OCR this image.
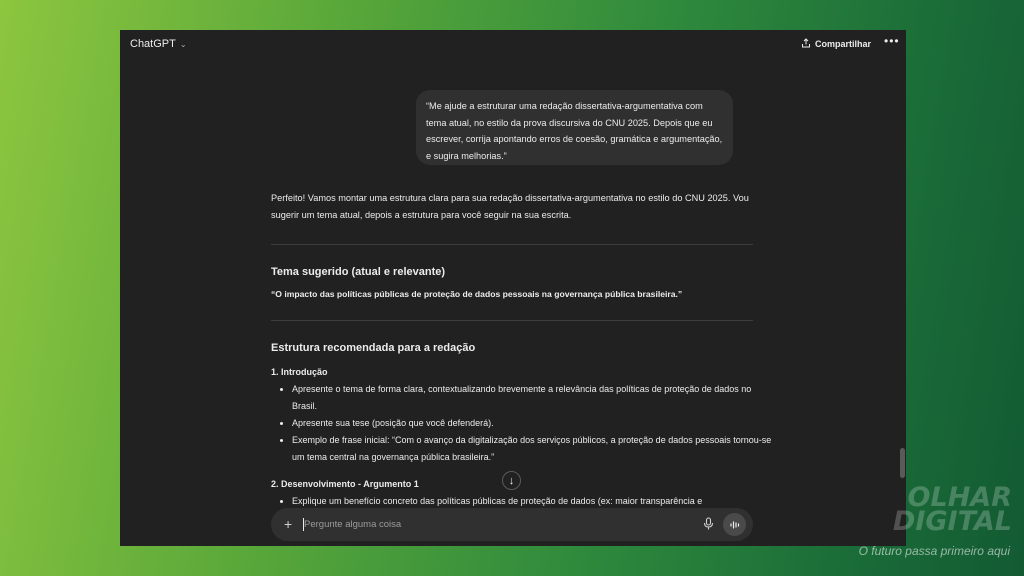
ChatGPT ⌄	Compartilhar •••
“Me ajude a estruturar uma redação dissertativa-argumentativa com tema atual, no estilo da prova discursiva do CNU 2025. Depois que eu escrever, corrija apontando erros de coesão, gramática e argumentação, e sugira melhorias.”

Perfeito! Vamos montar uma estrutura clara para sua redação dissertativa-argumentativa no estilo do CNU 2025. Vou sugerir um tema atual, depois a estrutura para você seguir na sua escrita.

Tema sugerido (atual e relevante)
“O impacto das políticas públicas de proteção de dados pessoais na governança pública brasileira.”
Estrutura recomendada para a redação
1. Introdução
• Apresente o tema de forma clara, contextualizando brevemente a relevância das políticas de proteção de dados no Brasil.
• Apresente sua tese (posição que você defenderá).
• Exemplo de frase inicial: “Com o avanço da digitalização dos serviços públicos, a proteção de dados pessoais tornou-se um tema central na governança pública brasileira.”
2. Desenvolvimento - Argumento 1
• Explique um benefício concreto das políticas públicas de proteção de dados (ex: maior transparência e
↓
+
Pergunte alguma coisa
OLHAR
DIGITAL
O futuro passa primeiro aqui
